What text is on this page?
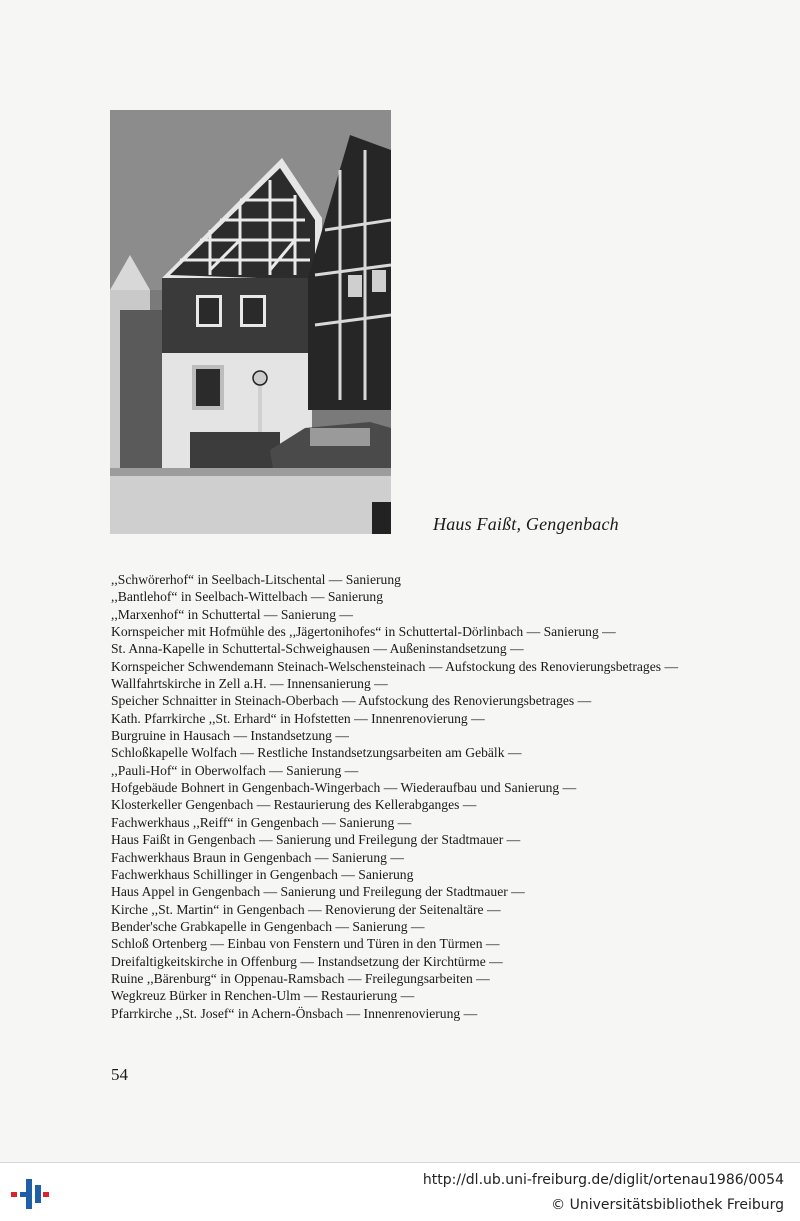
Haus Faißt, Gengenbach
,,Schwörerhof“ in Seelbach-Litschental — Sanierung
,,Bantlehof“ in Seelbach-Wittelbach — Sanierung
,,Marxenhof“ in Schuttertal — Sanierung —
Kornspeicher mit Hofmühle des ,,Jägertonihofes“ in Schuttertal-Dörlinbach — Sanierung —
St. Anna-Kapelle in Schuttertal-Schweighausen — Außeninstandsetzung —
Kornspeicher Schwendemann Steinach-Welschensteinach — Aufstockung des Renovierungsbetrages —
Wallfahrtskirche in Zell a.H. — Innensanierung —
Speicher Schnaitter in Steinach-Oberbach — Aufstockung des Renovierungsbetrages —
Kath. Pfarrkirche ,,St. Erhard“ in Hofstetten — Innenrenovierung —
Burgruine in Hausach — Instandsetzung —
Schloßkapelle Wolfach — Restliche Instandsetzungsarbeiten am Gebälk —
,,Pauli-Hof“ in Oberwolfach — Sanierung —
Hofgebäude Bohnert in Gengenbach-Wingerbach — Wiederaufbau und Sanierung —
Klosterkeller Gengenbach — Restaurierung des Kellerabganges —
Fachwerkhaus ,,Reiff“ in Gengenbach — Sanierung —
Haus Faißt in Gengenbach — Sanierung und Freilegung der Stadtmauer —
Fachwerkhaus Braun in Gengenbach — Sanierung —
Fachwerkhaus Schillinger in Gengenbach — Sanierung
Haus Appel in Gengenbach — Sanierung und Freilegung der Stadtmauer —
Kirche ,,St. Martin“ in Gengenbach — Renovierung der Seitenaltäre —
Bender'sche Grabkapelle in Gengenbach — Sanierung —
Schloß Ortenberg — Einbau von Fenstern und Türen in den Türmen —
Dreifaltigkeitskirche in Offenburg — Instandsetzung der Kirchtürme —
Ruine ,,Bärenburg“ in Oppenau-Ramsbach — Freilegungsarbeiten —
Wegkreuz Bürker in Renchen-Ulm — Restaurierung —
Pfarrkirche ,,St. Josef“ in Achern-Önsbach — Innenrenovierung —
54
http://dl.ub.uni-freiburg.de/diglit/ortenau1986/0054
© Universitätsbibliothek Freiburg
